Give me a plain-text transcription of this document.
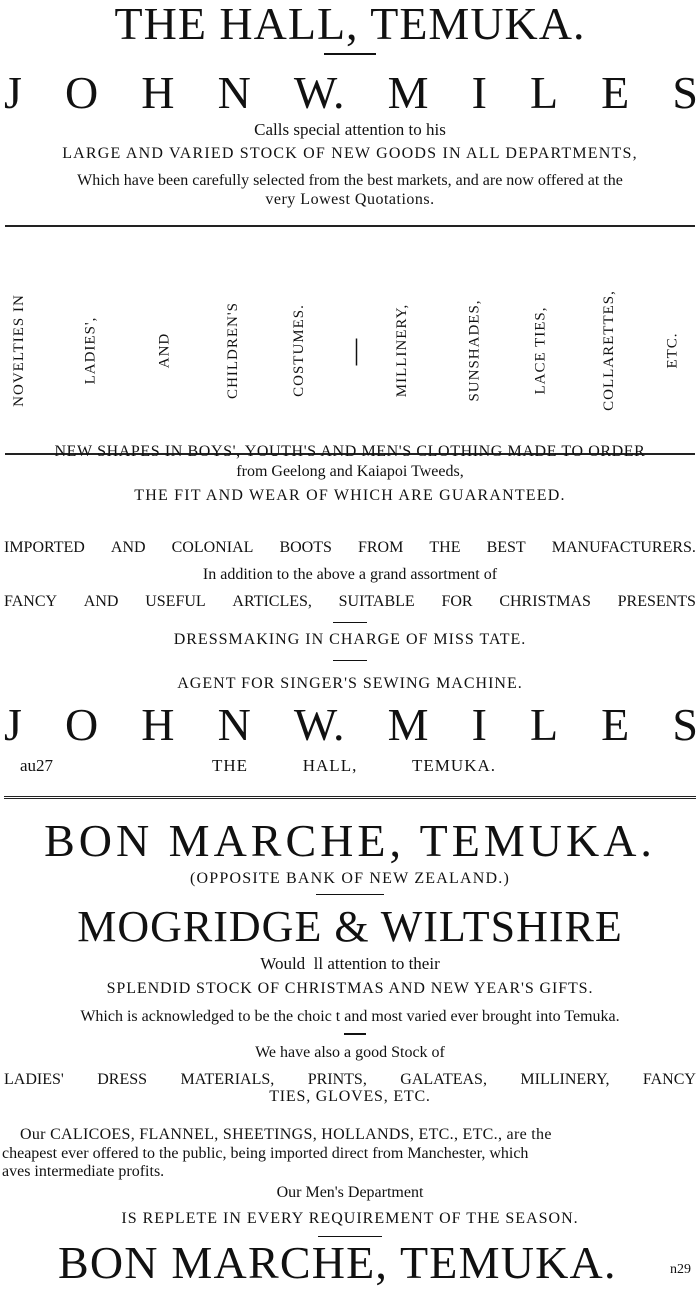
THE HALL, TEMUKA.
J O H N W. M I L E S
Calls special attention to his
LARGE AND VARIED STOCK OF NEW GOODS IN ALL DEPARTMENTS,
Which have been carefully selected from the best markets, and are now offered at the
very Lowest Quotations.
NOVELTIES IN	LADIES',	AND	CHILDREN'S	COSTUMES. | MILLINERY,	SUNSHADES,	LACE TIES,	COLLARETTES,	ETC.
NEW SHAPES IN BOYS', YOUTH'S AND MEN'S CLOTHING MADE TO ORDER
from Geelong and Kaiapoi Tweeds,
THE FIT AND WEAR OF WHICH ARE GUARANTEED.
IMPORTED AND COLONIAL BOOTS FROM THE BEST MANUFACTURERS.
In addition to the above a grand assortment of
FANCY AND USEFUL ARTICLES, SUITABLE FOR CHRISTMAS PRESENTS
DRESSMAKING IN CHARGE OF MISS TATE.
AGENT FOR SINGER'S SEWING MACHINE.
J O H N W. M I L E S
au27	THE	HALL,	TEMUKA.
BON MARCHE, TEMUKA.
(OPPOSITE BANK OF NEW ZEALAND.)
MOGRIDGE & WILTSHIRE
Would  ll attention to their
SPLENDID STOCK OF CHRISTMAS AND NEW YEAR'S GIFTS.
Which is acknowledged to be the choic t and most varied ever brought into Temuka.
We have also a good Stock of
LADIES' DRESS MATERIALS, PRINTS, GALATEAS, MILLINERY, FANCY
TIES, GLOVES, ETC.
Our CALICOES, FLANNEL, SHEETINGS, HOLLANDS, ETC., ETC., are the
cheapest ever offered to the public, being imported direct from Manchester, which
aves intermediate profits.
Our Men's Department
IS REPLETE IN EVERY REQUIREMENT OF THE SEASON.
BON MARCHE, TEMUKA.	n29
